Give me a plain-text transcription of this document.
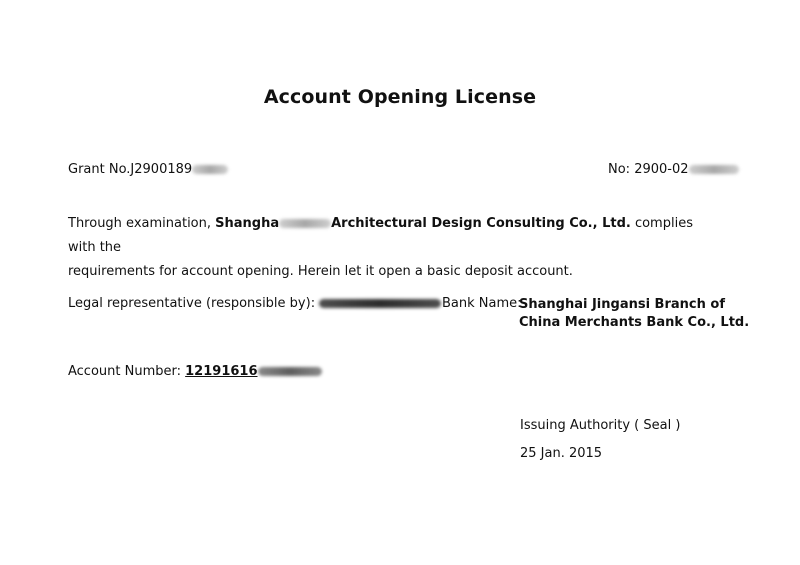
Account Opening License
Grant No.J2900189	No: 2900-02
Through examination, Shangha	Architectural Design Consulting Co., Ltd. complies with the
requirements for account opening. Herein let it open a basic deposit account.
Legal representative (responsible by):	Bank Name:
Shanghai Jingansi Branch of
China Merchants Bank Co., Ltd.
Account Number: 12191616
Issuing Authority ( Seal )
25 Jan. 2015
